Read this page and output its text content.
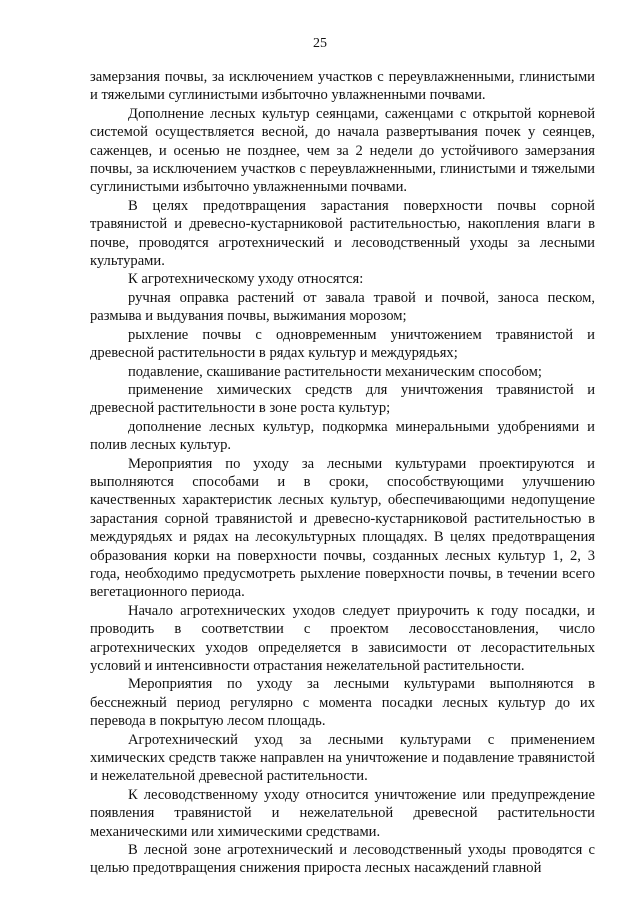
25

замерзания почвы, за исключением участков с переувлажненными, глинистыми и тяжелыми суглинистыми избыточно увлажненными почвами.

Дополнение лесных культур сеянцами, саженцами с открытой корневой системой осуществляется весной, до начала развертывания почек у сеянцев, саженцев, и осенью не позднее, чем за 2 недели до устойчивого замерзания почвы, за исключением участков с переувлажненными, глинистыми и тяжелыми суглинистыми избыточно увлажненными почвами.

В целях предотвращения зарастания поверхности почвы сорной травянистой и древесно-кустарниковой растительностью, накопления влаги в почве, проводятся агротехнический и лесоводственный уходы за лесными культурами.

К агротехническому уходу относятся:

ручная оправка растений от завала травой и почвой, заноса песком, размыва и выдувания почвы, выжимания морозом;

рыхление почвы с одновременным уничтожением травянистой и древесной растительности в рядах культур и междурядьях;

подавление, скашивание растительности механическим способом;

применение химических средств для уничтожения травянистой и древесной растительности в зоне роста культур;

дополнение лесных культур, подкормка минеральными удобрениями и полив лесных культур.

Мероприятия по уходу за лесными культурами проектируются и выполняются способами и в сроки, способствующими улучшению качественных характеристик лесных культур, обеспечивающими недопущение зарастания сорной травянистой и древесно-кустарниковой растительностью в междурядьях и рядах на лесокультурных площадях. В целях предотвращения образования корки на поверхности почвы, созданных лесных культур 1, 2, 3 года, необходимо предусмотреть рыхление поверхности почвы, в течении всего вегетационного периода.

Начало агротехнических уходов следует приурочить к году посадки, и проводить в соответствии с проектом лесовосстановления, число агротехнических уходов определяется в зависимости от лесорастительных условий и интенсивности отрастания нежелательной растительности.

Мероприятия по уходу за лесными культурами выполняются в бесснежный период регулярно с момента посадки лесных культур до их перевода в покрытую лесом площадь.

Агротехнический уход за лесными культурами с применением химических средств также направлен на уничтожение и подавление травянистой и нежелательной древесной растительности.

К лесоводственному уходу относится уничтожение или предупреждение появления травянистой и нежелательной древесной растительности механическими или химическими средствами.

В лесной зоне агротехнический и лесоводственный уходы проводятся с целью предотвращения снижения прироста лесных насаждений главной
